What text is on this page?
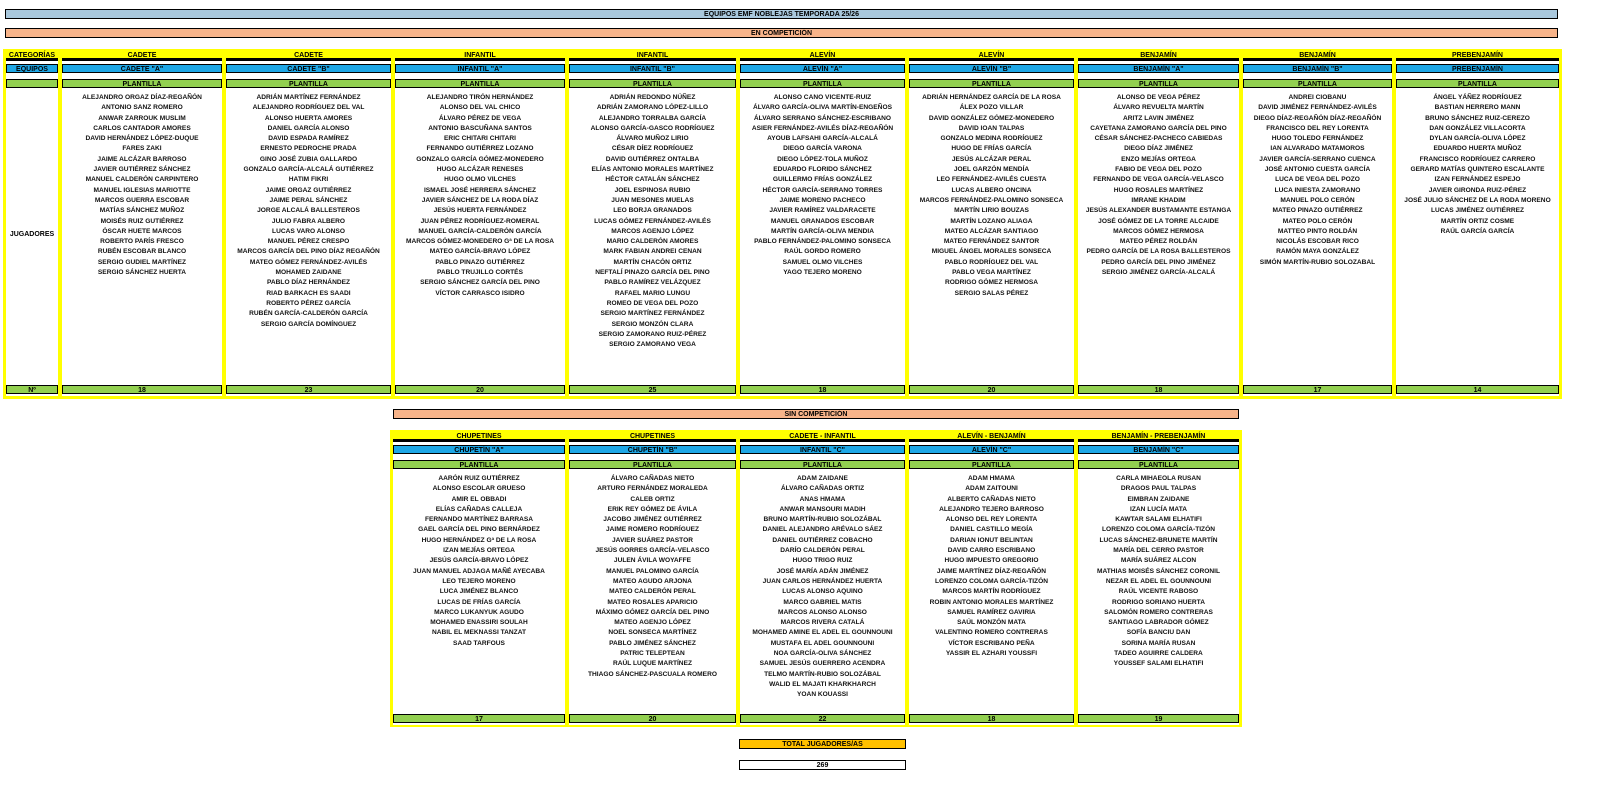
EQUIPOS EMF NOBLEJAS TEMPORADA 25/26
EN COMPETICIÓN
CATEGORÍAS
EQUIPOS
JUGADORES
Nº
CADETE
CADETE "A"
PLANTILLA
ALEJANDRO ORGAZ DÍAZ-REGAÑÓN
ANTONIO SANZ ROMERO
ANWAR ZARROUK MUSLIM
CARLOS CANTADOR AMORES
DAVID HERNÁNDEZ LÓPEZ-DUQUE
FARES ZAKI
JAIME ALCÁZAR BARROSO
JAVIER GUTIÉRREZ SÁNCHEZ
MANUEL CALDERÓN CARPINTERO
MANUEL IGLESIAS MARIOTTE
MARCOS GUERRA ESCOBAR
MATÍAS SÁNCHEZ MUÑOZ
MOISÉS RUIZ GUTIÉRREZ
ÓSCAR HUETE MARCOS
ROBERTO PARÍS FRESCO
RUBÉN ESCOBAR BLANCO
SERGIO GUDIEL MARTÍNEZ
SERGIO SÁNCHEZ HUERTA
18
CADETE
CADETE "B"
PLANTILLA
ADRIÁN MARTÍNEZ FERNÁNDEZ
ALEJANDRO RODRÍGUEZ DEL VAL
ALONSO HUERTA AMORES
DANIEL GARCÍA ALONSO
DAVID ESPADA RAMÍREZ
ERNESTO PEDROCHE PRADA
GINO JOSÉ ZUBIA GALLARDO
GONZALO GARCÍA-ALCALÁ GUTIÉRREZ
HATIM FIKRI
JAIME ORGAZ GUTIÉRREZ
JAIME PERAL SÁNCHEZ
JORGE ALCALÁ BALLESTEROS
JULIO FABRA ALBERO
LUCAS VARO ALONSO
MANUEL PÉREZ CRESPO
MARCOS GARCÍA DEL PINO DÍAZ REGAÑÓN
MATEO GÓMEZ FERNÁNDEZ-AVILÉS
MOHAMED ZAIDANE
PABLO DÍAZ HERNÁNDEZ
RIAD BARKACH ES SAADI
ROBERTO PÉREZ GARCÍA
RUBÉN GARCÍA-CALDERÓN GARCÍA
SERGIO GARCÍA DOMÍNGUEZ
23
INFANTIL
INFANTIL "A"
PLANTILLA
ALEJANDRO TIRÓN HERNÁNDEZ
ALONSO DEL VAL CHICO
ÁLVARO PÉREZ DE VEGA
ANTONIO BASCUÑANA SANTOS
ERIC CHITARI CHITARI
FERNANDO GUTIÉRREZ LOZANO
GONZALO GARCÍA GÓMEZ-MONEDERO
HUGO ALCÁZAR RENESES
HUGO OLMO VILCHES
ISMAEL JOSÉ HERRERA SÁNCHEZ
JAVIER SÁNCHEZ DE LA RODA DÍAZ
JESÚS HUERTA FERNÁNDEZ
JUAN PÉREZ RODRÍGUEZ-ROMERAL
MANUEL GARCÍA-CALDERÓN GARCÍA
MARCOS GÓMEZ-MONEDERO Gª DE LA ROSA
MATEO GARCÍA-BRAVO LÓPEZ
PABLO PINAZO GUTIÉRREZ
PABLO TRUJILLO CORTÉS
SERGIO SÁNCHEZ GARCÍA DEL PINO
VÍCTOR CARRASCO ISIDRO
20
INFANTIL
INFANTIL "B"
PLANTILLA
ADRIÁN REDONDO NÚÑEZ
ADRIÁN ZAMORANO LÓPEZ-LILLO
ALEJANDRO TORRALBA GARCÍA
ALONSO GARCÍA-GASCO RODRÍGUEZ
ÁLVARO MUÑOZ LIRIO
CÉSAR DÍEZ RODRÍGUEZ
DAVID GUTIÉRREZ ONTALBA
ELÍAS ANTONIO MORALES MARTÍNEZ
HÉCTOR CATALÁN SÁNCHEZ
JOEL ESPINOSA RUBIO
JUAN MESONES MUELAS
LEO BORJA GRANADOS
LUCAS GÓMEZ FERNÁNDEZ-AVILÉS
MARCOS AGENJO LÓPEZ
MARIO CALDERÓN AMORES
MARK FABIAN ANDREI CENAN
MARTÍN CHACÓN ORTIZ
NEFTALÍ PINAZO GARCÍA DEL PINO
PABLO RAMÍREZ VELÁZQUEZ
RAFAEL MARIO LUNGU
ROMEO DE VEGA DEL POZO
SERGIO MARTÍNEZ FERNÁNDEZ
SERGIO MONZÓN CLARA
SERGIO ZAMORANO RUIZ-PÉREZ
SERGIO ZAMORANO VEGA
25
ALEVÍN
ALEVÍN "A"
PLANTILLA
ALONSO CANO VICENTE-RUIZ
ÁLVARO GARCÍA-OLIVA MARTÍN-ENGEÑOS
ÁLVARO SERRANO SÁNCHEZ-ESCRIBANO
ASIER FERNÁNDEZ-AVILÉS DÍAZ-REGAÑÓN
AYOUB LAFSAHI GARCÍA-ALCALÁ
DIEGO GARCÍA VARONA
DIEGO LÓPEZ-TOLA MUÑOZ
EDUARDO FLORIDO SÁNCHEZ
GUILLERMO FRÍAS GONZÁLEZ
HÉCTOR GARCÍA-SERRANO TORRES
JAIME MORENO PACHECO
JAVIER RAMÍREZ VALDARACETE
MANUEL GRANADOS ESCOBAR
MARTÍN GARCÍA-OLIVA MENDIA
PABLO FERNÁNDEZ-PALOMINO SONSECA
RAÚL GORDO ROMERO
SAMUEL OLMO VILCHES
YAGO TEJERO MORENO
18
ALEVÍN
ALEVÍN "B"
PLANTILLA
ADRIÁN HERNÁNDEZ GARCÍA DE LA ROSA
ÁLEX POZO VILLAR
DAVID GONZÁLEZ GÓMEZ-MONEDERO
DAVID IOAN TALPAS
GONZALO MEDINA RODRÍGUEZ
HUGO DE FRÍAS GARCÍA
JESÚS ALCÁZAR PERAL
JOEL GARZÓN MENDÍA
LEO FERNÁNDEZ-AVILÉS CUESTA
LUCAS ALBERO ONCINA
MARCOS FERNÁNDEZ-PALOMINO SONSECA
MARTÍN LIRIO BOUZAS
MARTÍN LOZANO ALIAGA
MATEO ALCÁZAR SANTIAGO
MATEO FERNÁNDEZ SANTOR
MIGUEL ÁNGEL MORALES SONSECA
PABLO RODRÍGUEZ DEL VAL
PABLO VEGA MARTÍNEZ
RODRIGO GÓMEZ HERMOSA
SERGIO SALAS PÉREZ
20
BENJAMÍN
BENJAMÍN "A"
PLANTILLA
ALONSO DE VEGA PÉREZ
ÁLVARO REVUELTA MARTÍN
ARITZ LAVIN JIMÉNEZ
CAYETANA ZAMORANO GARCÍA DEL PINO
CÉSAR SÁNCHEZ-PACHECO CABIEDAS
DIEGO DÍAZ JIMÉNEZ
ENZO MEJÍAS ORTEGA
FABIO DE VEGA DEL POZO
FERNANDO DE VEGA GARCÍA-VELASCO
HUGO ROSALES MARTÍNEZ
IMRANE KHADIM
JESÚS ALEXANDER BUSTAMANTE ESTANGA
JOSÉ GÓMEZ DE LA TORRE ALCAIDE
MARCOS GÓMEZ HERMOSA
MATEO PÉREZ ROLDÁN
PEDRO GARCÍA DE LA ROSA BALLESTEROS
PEDRO GARCÍA DEL PINO JIMÉNEZ
SERGIO JIMÉNEZ GARCÍA-ALCALÁ
18
BENJAMÍN
BENJAMÍN "B"
PLANTILLA
ANDREI CIOBANU
DAVID JIMÉNEZ FERNÁNDEZ-AVILÉS
DIEGO DÍAZ-REGAÑÓN DÍAZ-REGAÑÓN
FRANCISCO DEL REY LORENTA
HUGO TOLEDO FERNÁNDEZ
IAN ALVARADO MATAMOROS
JAVIER GARCÍA-SERRANO CUENCA
JOSÉ ANTONIO CUESTA GARCÍA
LUCA DE VEGA DEL POZO
LUCA INIESTA ZAMORANO
MANUEL POLO CERÓN
MATEO PINAZO GUTIÉRREZ
MATEO POLO CERÓN
MATTEO PINTO ROLDÁN
NICOLÁS ESCOBAR RICO
RAMÓN MAYA GONZÁLEZ
SIMÓN MARTÍN-RUBIO SOLOZABAL
17
PREBENJAMÍN
PREBENJAMÍN
PLANTILLA
ÁNGEL YÁÑEZ RODRÍGUEZ
BASTIAN HERRERO MANN
BRUNO SÁNCHEZ RUIZ-CEREZO
DAN GONZÁLEZ VILLACORTA
DYLAN GARCÍA-OLIVA LÓPEZ
EDUARDO HUERTA MUÑOZ
FRANCISCO RODRÍGUEZ CARRERO
GERARD MATÍAS QUINTERO ESCALANTE
IZAN FERNÁNDEZ ESPEJO
JAVIER GIRONDA RUIZ-PÉREZ
JOSÉ JULIO SÁNCHEZ DE LA RODA MORENO
LUCAS JIMÉNEZ GUTIÉRREZ
MARTÍN ORTIZ COSME
RAÚL GARCÍA GARCÍA
14
SIN COMPETICIÓN
CHUPETINES
CHUPETÍN "A"
PLANTILLA
AARÓN RUIZ GUTIÉRREZ
ALONSO ESCOLAR GRUESO
AMIR EL OBBADI
ELÍAS CAÑADAS CALLEJA
FERNANDO MARTÍNEZ BARRASA
GAEL GARCÍA DEL PINO BERNÁRDEZ
HUGO HERNÁNDEZ Gª DE LA ROSA
IZAN MEJÍAS ORTEGA
JESÚS GARCÍA-BRAVO LÓPEZ
JUAN MANUEL ADJAGA MAÑÉ AYECABA
LEO TEJERO MORENO
LUCA JIMÉNEZ BLANCO
LUCAS DE FRÍAS GARCÍA
MARCO LUKANYUK AGUDO
MOHAMED ENASSIRI SOULAH
NABIL EL MEKNASSI TANZAT
SAAD TARFOUS
17
CHUPETINES
CHUPETÍN "B"
PLANTILLA
ÁLVARO CAÑADAS NIETO
ARTURO FERNÁNDEZ MORALEDA
CALEB ORTIZ
ERIK REY GÓMEZ DE ÁVILA
JACOBO JIMÉNEZ GUTIÉRREZ
JAIME ROMERO RODRÍGUEZ
JAVIER SUÁREZ PASTOR
JESÚS GORRES GARCÍA-VELASCO
JULEN ÁVILA WOYAFFE
MANUEL PALOMINO GARCÍA
MATEO AGUDO ARJONA
MATEO CALDERÓN PERAL
MATEO ROSALES APARICIO
MÁXIMO GÓMEZ GARCÍA DEL PINO
MATEO AGENJO LÓPEZ
NOEL SONSECA MARTÍNEZ
PABLO JIMÉNEZ SÁNCHEZ
PATRIC TELEPTEAN
RAÚL LUQUE MARTÍNEZ
THIAGO SÁNCHEZ-PASCUALA ROMERO
20
CADETE - INFANTIL
INFANTIL "C"
PLANTILLA
ADAM ZAIDANE
ÁLVARO CAÑADAS ORTIZ
ANAS HMAMA
ANWAR MANSOURI MADIH
BRUNO MARTÍN-RUBIO SOLOZÁBAL
DANIEL ALEJANDRO ARÉVALO SÁEZ
DANIEL GUTIÉRREZ COBACHO
DARÍO CALDERÓN PERAL
HUGO TRIGO RUIZ
JOSÉ MARÍA ADÁN JIMÉNEZ
JUAN CARLOS HERNÁNDEZ HUERTA
LUCAS ALONSO AQUINO
MARCO GABRIEL MATIS
MARCOS ALONSO ALONSO
MARCOS RIVERA CATALÁ
MOHAMED AMINE EL ADEL EL GOUNNOUNI
MUSTAFA EL ADEL GOUNNOUNI
NOA GARCÍA-OLIVA SÁNCHEZ
SAMUEL JESÚS GUERRERO ACENDRA
TELMO MARTÍN-RUBIO SOLOZÁBAL
WALID EL MAJATI KHARKHARCH
YOAN KOUASSI
22
ALEVÍN - BENJAMÍN
ALEVÍN "C"
PLANTILLA
ADAM HMAMA
ADAM ZAITOUNI
ALBERTO CAÑADAS NIETO
ALEJANDRO TEJERO BARROSO
ALONSO DEL REY LORENTA
DANIEL CASTILLO MEGÍA
DARIAN IONUT BELINTAN
DAVID CARRO ESCRIBANO
HUGO IMPUESTO GREGORIO
JAIME MARTÍNEZ DÍAZ-REGAÑÓN
LORENZO COLOMA GARCÍA-TIZÓN
MARCOS MARTÍN RODRÍGUEZ
ROBIN ANTONIO MORALES MARTÍNEZ
SAMUEL RAMÍREZ GAVIRIA
SAÚL MONZÓN MATA
VALENTINO ROMERO CONTRERAS
VÍCTOR ESCRIBANO PEÑA
YASSIR EL AZHARI YOUSSFI
18
BENJAMÍN - PREBENJAMÍN
BENJAMÍN "C"
PLANTILLA
CARLA MIHAEOLA RUSAN
DRAGOS PAUL TALPAS
EIMBRAN ZAIDANE
IZAN LUCÍA MATA
KAWTAR SALAMI ELHATIFI
LORENZO COLOMA GARCÍA-TIZÓN
LUCAS SÁNCHEZ-BRUNETE MARTÍN
MARÍA DEL CERRO PASTOR
MARÍA SUÁREZ ALCON
MATHIAS MOISÉS SÁNCHEZ CORONIL
NEZAR EL ADEL EL GOUNNOUNI
RAÚL VICENTE RABOSO
RODRIGO SORIANO HUERTA
SALOMÓN ROMERO CONTRERAS
SANTIAGO LABRADOR GÓMEZ
SOFÍA BANCIU DAN
SORINA MARÍA RUSAN
TADEO AGUIRRE CALDERA
YOUSSEF SALAMI ELHATIFI
19
TOTAL JUGADORES/AS
269
